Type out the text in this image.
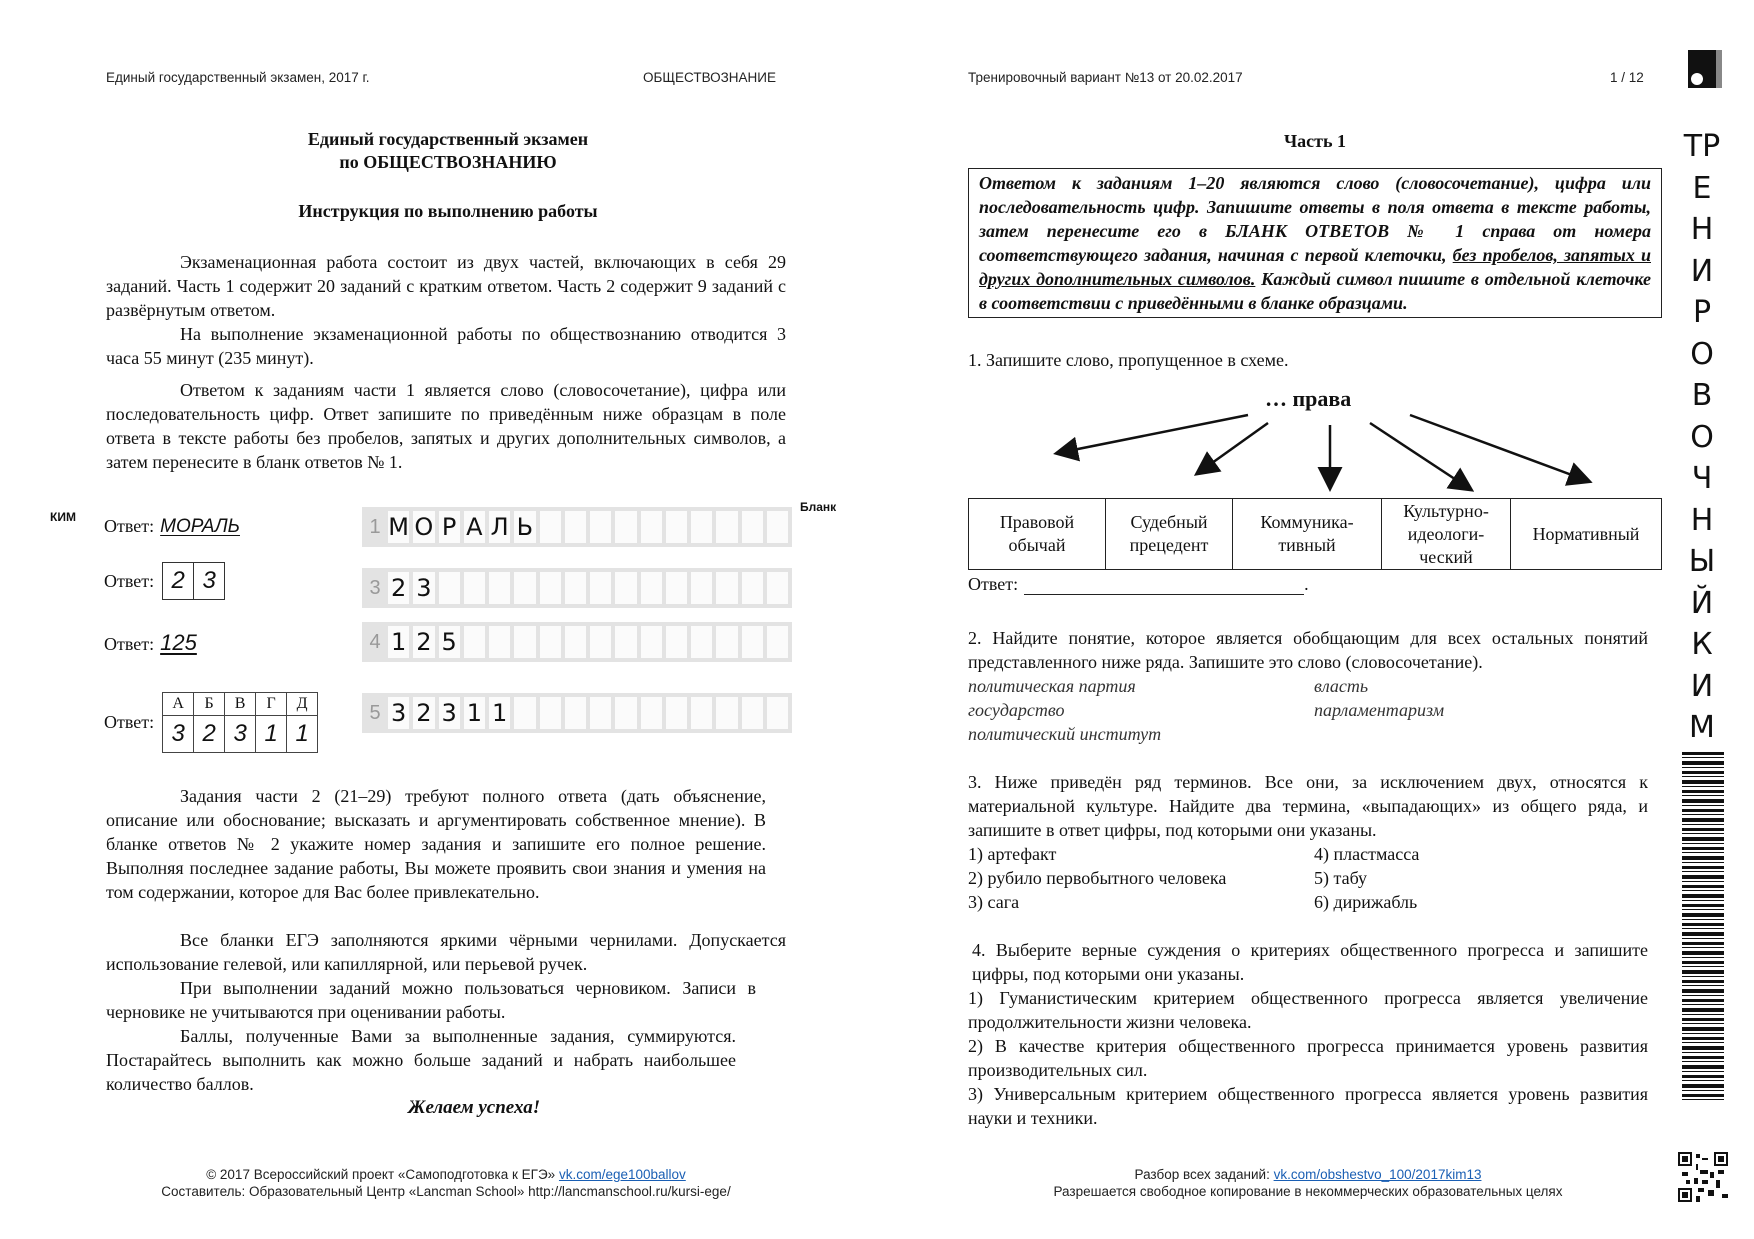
Единый государственный экзамен, 2017 г.	ОБЩЕСТВОЗНАНИЕ
Единый государственный экзамен
по ОБЩЕСТВОЗНАНИЮ
Инструкция по выполнению работы
Экзаменационная работа состоит из двух частей, включающих в себя 29 заданий. Часть 1 содержит 20 заданий с кратким ответом. Часть 2 содержит 9 заданий с развёрнутым ответом.
На выполнение экзаменационной работы по обществознанию отводится 3 часа 55 минут (235 минут).
Ответом к заданиям части 1 является слово (словосочетание), цифра или последовательность цифр. Ответ запишите по приведённым ниже образцам в поле ответа в тексте работы без пробелов, запятых и других дополнительных символов, а затем перенесите в бланк ответов № 1.
КИМ
Бланк
Ответ: МОРАЛЬ	1 М О Р А Л Ь
Ответ: 2 3	3 2 3
Ответ: 125	4 1 2 5
Ответ:
А	Б	В	Г	Д
3	2	3	1	1
5 3 2 3 1 1
Задания части 2 (21–29) требуют полного ответа (дать объяснение, описание или обоснование; высказать и аргументировать собственное мнение). В бланке ответов № 2 укажите номер задания и запишите его полное решение. Выполняя последнее задание работы, Вы можете проявить свои знания и умения на том содержании, которое для Вас более привлекательно.
Все бланки ЕГЭ заполняются яркими чёрными чернилами. Допускается использование гелевой, или капиллярной, или перьевой ручек.
При выполнении заданий можно пользоваться черновиком. Записи в черновике не учитываются при оценивании работы.
Баллы, полученные Вами за выполненные задания, суммируются. Постарайтесь выполнить как можно больше заданий и набрать наибольшее количество баллов.
Желаем успеха!
© 2017 Всероссийский проект «Самоподготовка к ЕГЭ» vk.com/ege100ballov
Составитель: Образовательный Центр «Lancman School» http://lancmanschool.ru/kursi-ege/
Тренировочный вариант №13 от 20.02.2017	1 / 12
Часть 1
Ответом к заданиям 1–20 являются слово (словосочетание), цифра или последовательность цифр. Запишите ответы в поля ответа в тексте работы, затем перенесите его в БЛАНК ОТВЕТОВ № 1 справа от номера соответствующего задания, начиная с первой клеточки, без пробелов, запятых и других дополнительных символов. Каждый символ пишите в отдельной клеточке в соответствии с приведёнными в бланке образцами.
1. Запишите слово, пропущенное в схеме.
… права
Правовой обычай	Судебный прецедент	Коммуника-тивный	Культурно-идеологи-ческий	Нормативный
Ответ:	.
2. Найдите понятие, которое является обобщающим для всех остальных понятий представленного ниже ряда. Запишите это слово (словосочетание).
политическая партия	власть
государство	парламентаризм
политический институт
3. Ниже приведён ряд терминов. Все они, за исключением двух, относятся к материальной культуре. Найдите два термина, «выпадающих» из общего ряда, и запишите в ответ цифры, под которыми они указаны.
1) артефакт	4) пластмасса
2) рубило первобытного человека	5) табу
3) сага	6) дирижабль
4. Выберите верные суждения о критериях общественного прогресса и запишите цифры, под которыми они указаны.
1) Гуманистическим критерием общественного прогресса является увеличение продолжительности жизни человека.
2) В качестве критерия общественного прогресса принимается уровень развития производительных сил.
3) Универсальным критерием общественного прогресса является уровень развития науки и техники.
Разбор всех заданий: vk.com/obshestvo_100/2017kim13
Разрешается свободное копирование в некоммерческих образовательных целях
ТР
Е
Н
И
Р
О
В
О
Ч
Н
Ы
Й
К
И
М
